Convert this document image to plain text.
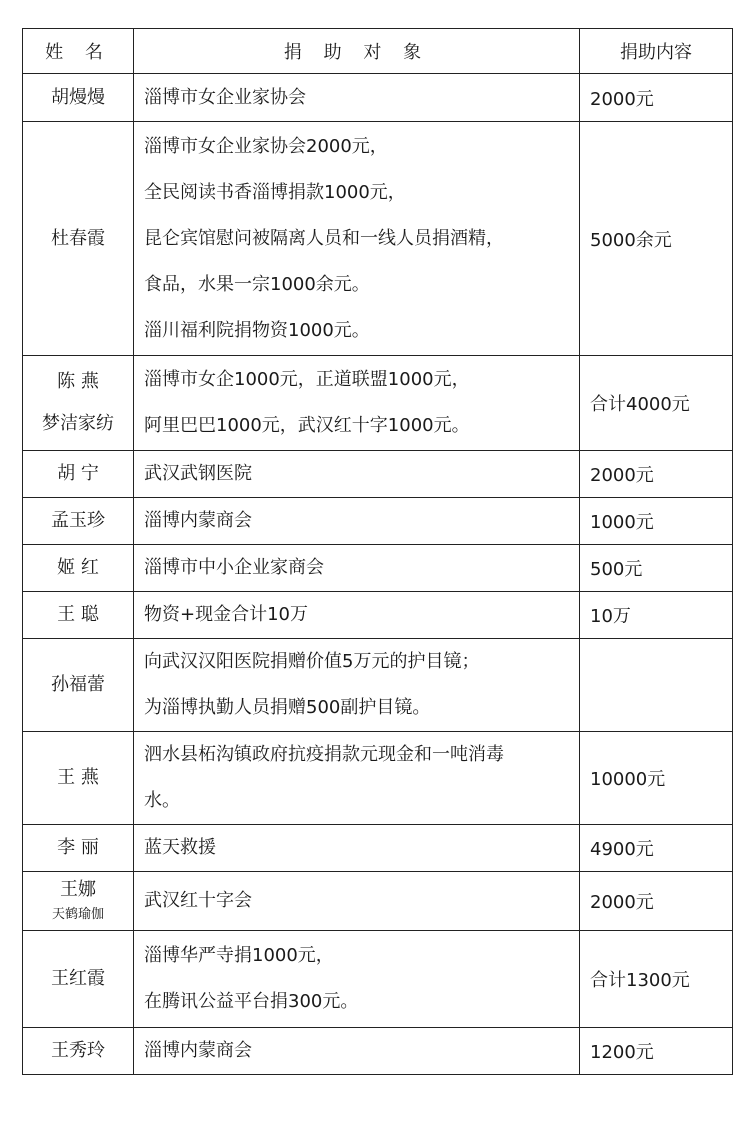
姓 名	捐 助 对 象	捐助内容

胡熳熳	淄博市女企业家协会	2000元

杜春霞	淄博市女企业家协会2000元，
全民阅读书香淄博捐款1000元，
昆仑宾馆慰问被隔离人员和一线人员捐酒精，
食品，水果一宗1000余元。
淄川福利院捐物资1000元。	5000余元

陈 燕
梦洁家纺	淄博市女企1000元，正道联盟1000元，
阿里巴巴1000元，武汉红十字1000元。	合计4000元

胡 宁	武汉武钢医院	2000元

孟玉珍	淄博内蒙商会	1000元

姬 红	淄博市中小企业家商会	500元

王 聪	物资+现金合计10万	10万

孙福蕾	向武汉汉阳医院捐赠价值5万元的护目镜；
为淄博执勤人员捐赠500副护目镜。	

王 燕	泗水县柘沟镇政府抗疫捐款元现金和一吨消毒
水。	10000元

李 丽	蓝天救援	4900元

王娜
天鹤瑜伽	武汉红十字会	2000元

王红霞	淄博华严寺捐1000元，
在腾讯公益平台捐300元。	合计1300元

王秀玲	淄博内蒙商会	1200元
